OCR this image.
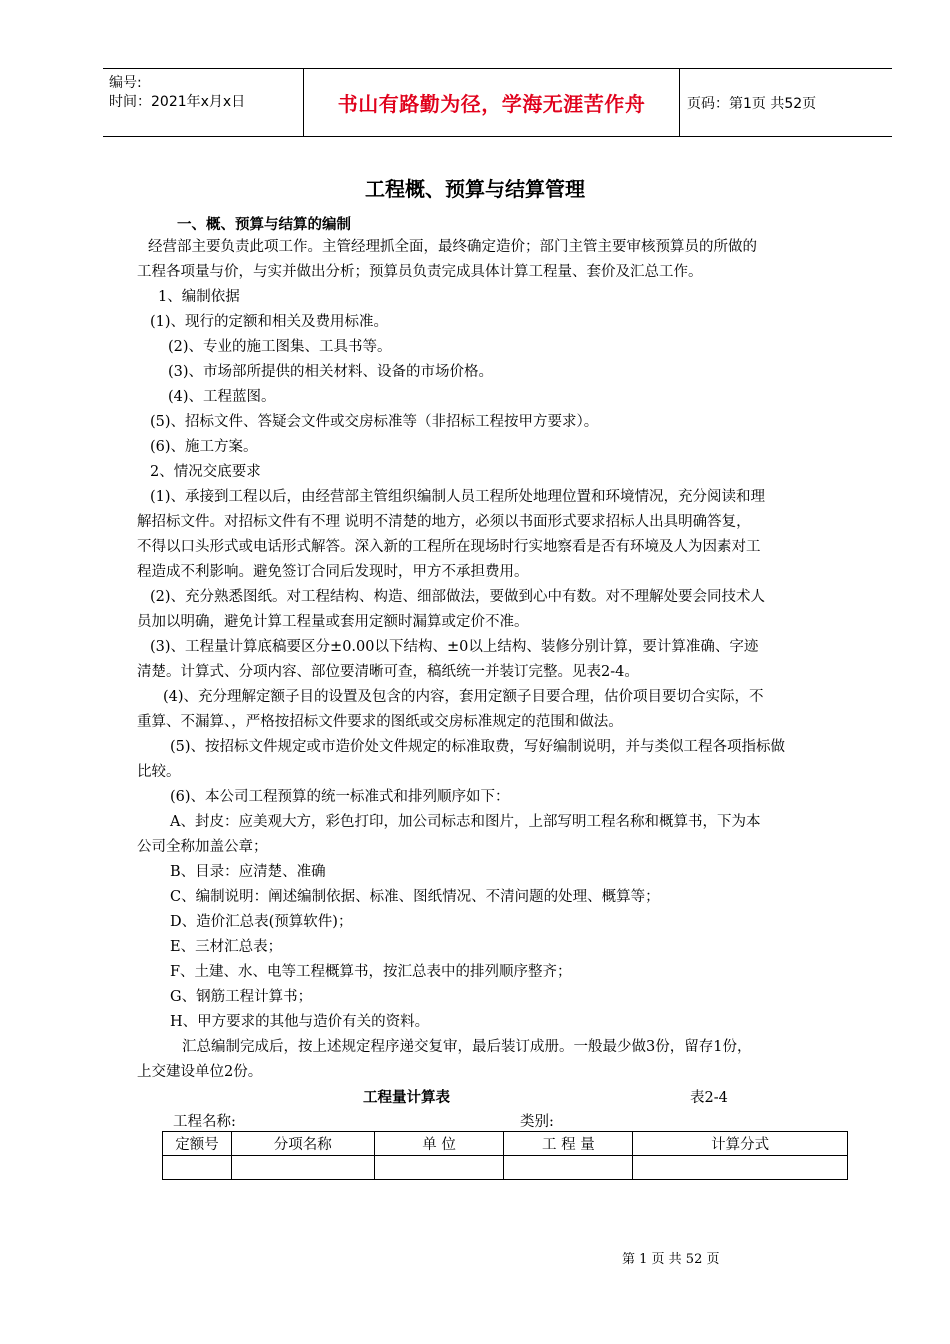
编号:
时间：2021年x月x日	书山有路勤为径，学海无涯苦作舟	页码：第1页 共52页
工程概、预算与结算管理
一、概、预算与结算的编制
经营部主要负责此项工作。主管经理抓全面，最终确定造价；部门主管主要审核预算员的所做的
工程各项量与价，与实并做出分析；预算员负责完成具体计算工程量、套价及汇总工作。
1、编制依据
(1)、现行的定额和相关及费用标准。
(2)、专业的施工图集、工具书等。
(3)、市场部所提供的相关材料、设备的市场价格。
(4)、工程蓝图。
(5)、招标文件、答疑会文件或交房标准等（非招标工程按甲方要求）。
(6)、施工方案。
2、情况交底要求
(1)、承接到工程以后，由经营部主管组织编制人员工程所处地理位置和环境情况，充分阅读和理
解招标文件。对招标文件有不理 说明不清楚的地方，必须以书面形式要求招标人出具明确答复，
不得以口头形式或电话形式解答。深入新的工程所在现场时行实地察看是否有环境及人为因素对工
程造成不利影响。避免签订合同后发现时，甲方不承担费用。
(2)、充分熟悉图纸。对工程结构、构造、细部做法，要做到心中有数。对不理解处要会同技术人
员加以明确，避免计算工程量或套用定额时漏算或定价不准。
(3)、工程量计算底稿要区分±0.00以下结构、±0以上结构、装修分别计算，要计算准确、字迹
清楚。计算式、分项内容、部位要清晰可查，稿纸统一并装订完整。见表2-4。
(4)、充分理解定额子目的设置及包含的内容，套用定额子目要合理，估价项目要切合实际，不
重算、不漏算、，严格按招标文件要求的图纸或交房标准规定的范围和做法。
(5)、按招标文件规定或市造价处文件规定的标准取费，写好编制说明，并与类似工程各项指标做
比较。
(6)、本公司工程预算的统一标准式和排列顺序如下：
A、封皮：应美观大方，彩色打印，加公司标志和图片，上部写明工程名称和概算书，下为本
公司全称加盖公章；
B、目录：应清楚、准确
C、编制说明：阐述编制依据、标准、图纸情况、不清问题的处理、概算等；
D、造价汇总表(预算软件)；
E、三材汇总表；
F、土建、水、电等工程概算书，按汇总表中的排列顺序整齐；
G、钢筋工程计算书；
H、甲方要求的其他与造价有关的资料。
汇总编制完成后，按上述规定程序递交复审，最后装订成册。一般最少做3份，留存1份，
上交建设单位2份。
工程量计算表	表2-4
工程名称:	类别:
定额号	分项名称	单 位	工 程 量	计算分式

第 1 页 共 52 页
